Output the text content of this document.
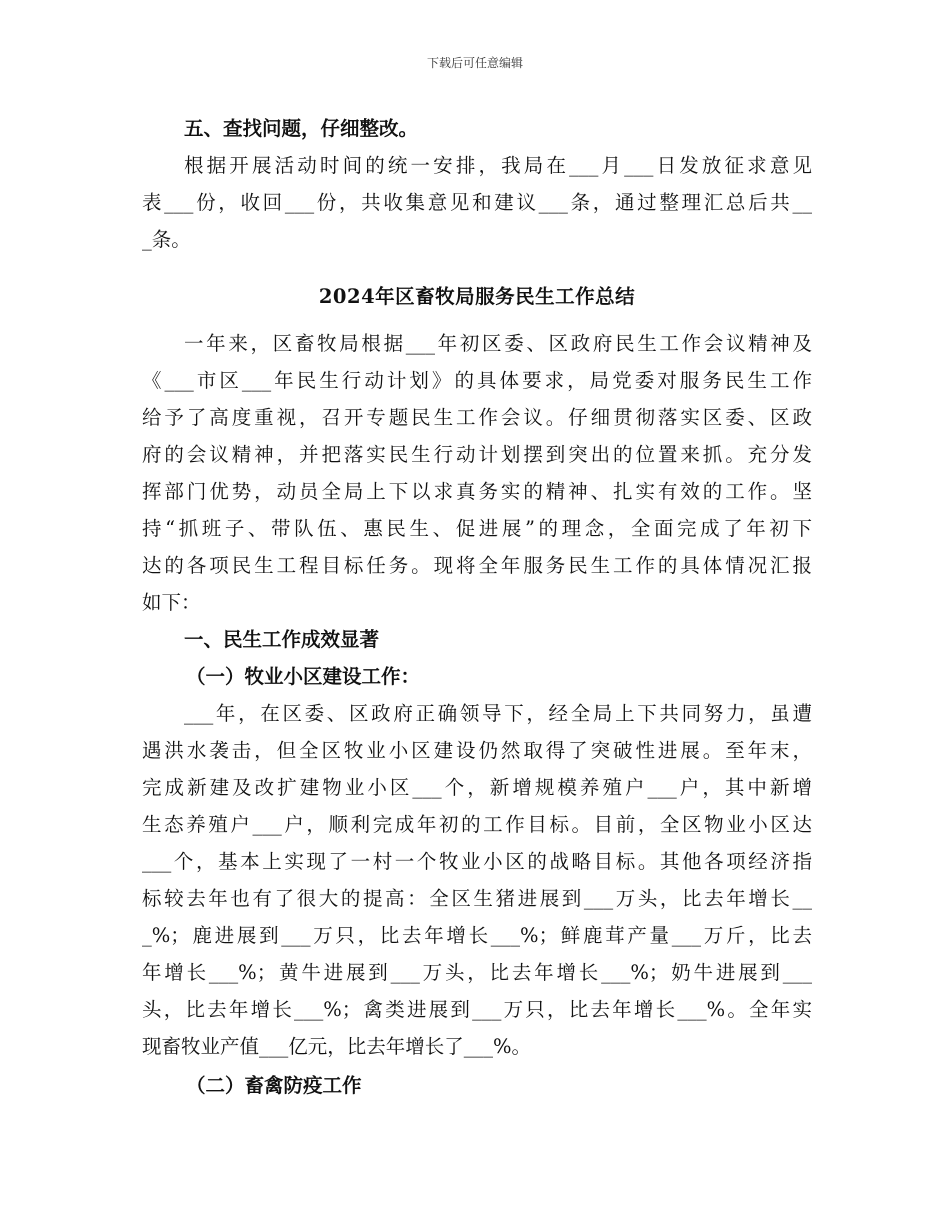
下载后可任意编辑
五、查找问题，仔细整改。
根据开展活动时间的统一安排，我局在___月___日发放征求意见
表___份，收回___份，共收集意见和建议___条，通过整理汇总后共__
_条。
2024年区畜牧局服务民生工作总结
一年来，区畜牧局根据___年初区委、区政府民生工作会议精神及
《___市区___年民生行动计划》的具体要求，局党委对服务民生工作
给予了高度重视，召开专题民生工作会议。仔细贯彻落实区委、区政
府的会议精神，并把落实民生行动计划摆到突出的位置来抓。充分发
挥部门优势，动员全局上下以求真务实的精神、扎实有效的工作。坚
持“抓班子、带队伍、惠民生、促进展”的理念，全面完成了年初下
达的各项民生工程目标任务。现将全年服务民生工作的具体情况汇报
如下：
一、民生工作成效显著
（一）牧业小区建设工作：
___年，在区委、区政府正确领导下，经全局上下共同努力，虽遭
遇洪水袭击，但全区牧业小区建设仍然取得了突破性进展。至年末，
完成新建及改扩建物业小区___个，新增规模养殖户___户，其中新增
生态养殖户___户，顺利完成年初的工作目标。目前，全区物业小区达
___个，基本上实现了一村一个牧业小区的战略目标。其他各项经济指
标较去年也有了很大的提高：全区生猪进展到___万头，比去年增长__
_%；鹿进展到___万只，比去年增长___%；鲜鹿茸产量___万斤，比去
年增长___%；黄牛进展到___万头，比去年增长___%；奶牛进展到___
头，比去年增长___%；禽类进展到___万只，比去年增长___%。全年实
现畜牧业产值___亿元，比去年增长了___%。
（二）畜禽防疫工作
